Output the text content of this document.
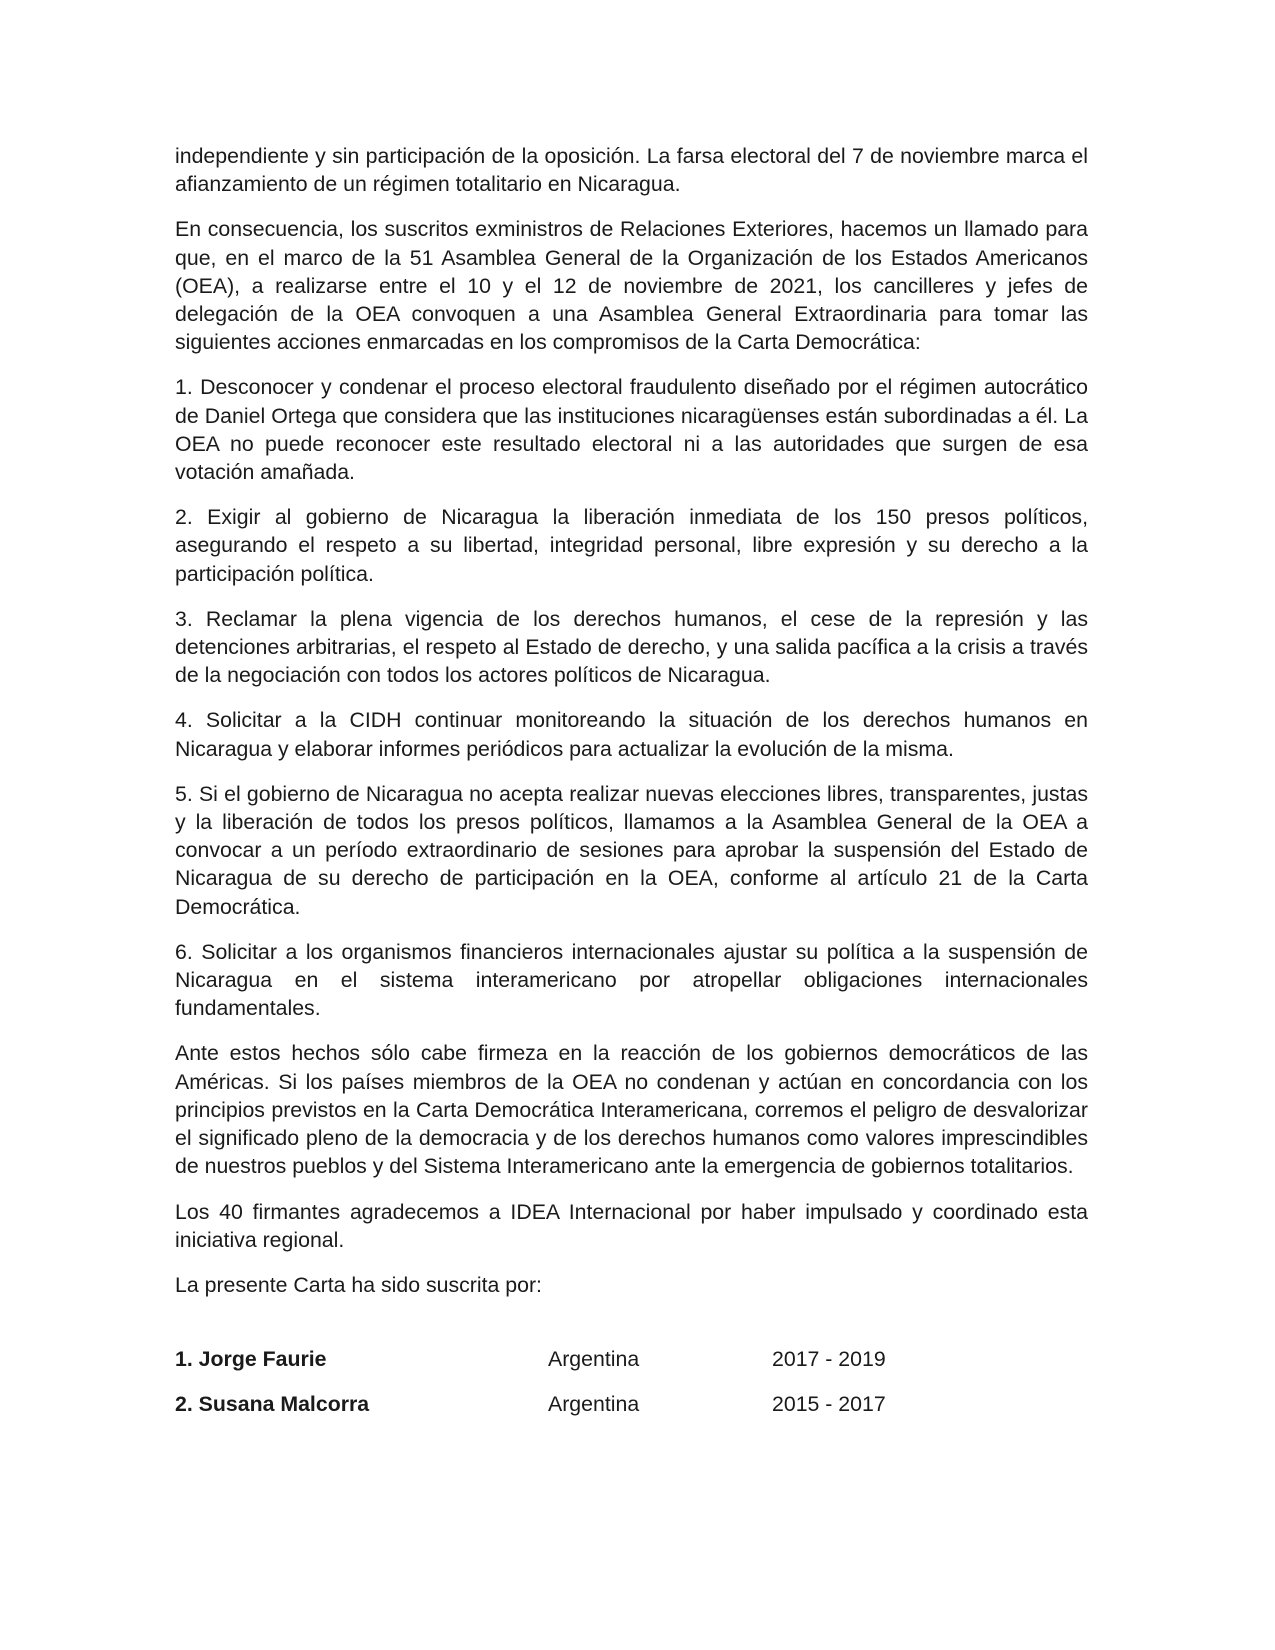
independiente y sin participación de la oposición. La farsa electoral del 7 de noviembre marca el afianzamiento de un régimen totalitario en Nicaragua.

En consecuencia, los suscritos exministros de Relaciones Exteriores, hacemos un llamado para que, en el marco de la 51 Asamblea General de la Organización de los Estados Americanos (OEA), a realizarse entre el 10 y el 12 de noviembre de 2021, los cancilleres y jefes de delegación de la OEA convoquen a una Asamblea General Extraordinaria para tomar las siguientes acciones enmarcadas en los compromisos de la Carta Democrática:

1. Desconocer y condenar el proceso electoral fraudulento diseñado por el régimen autocrático de Daniel Ortega que considera que las instituciones nicaragüenses están subordinadas a él. La OEA no puede reconocer este resultado electoral ni a las autoridades que surgen de esa votación amañada.

2. Exigir al gobierno de Nicaragua la liberación inmediata de los 150 presos políticos, asegurando el respeto a su libertad, integridad personal, libre expresión y su derecho a la participación política.

3. Reclamar la plena vigencia de los derechos humanos, el cese de la represión y las detenciones arbitrarias, el respeto al Estado de derecho, y una salida pacífica a la crisis a través de la negociación con todos los actores políticos de Nicaragua.

4. Solicitar a la CIDH continuar monitoreando la situación de los derechos humanos en Nicaragua y elaborar informes periódicos para actualizar la evolución de la misma.

5. Si el gobierno de Nicaragua no acepta realizar nuevas elecciones libres, transparentes, justas y la liberación de todos los presos políticos, llamamos a la Asamblea General de la OEA a convocar a un período extraordinario de sesiones para aprobar la suspensión del Estado de Nicaragua de su derecho de participación en la OEA, conforme al artículo 21 de la Carta Democrática.

6. Solicitar a los organismos financieros internacionales ajustar su política a la suspensión de Nicaragua en el sistema interamericano por atropellar obligaciones internacionales fundamentales.

Ante estos hechos sólo cabe firmeza en la reacción de los gobiernos democráticos de las Américas. Si los países miembros de la OEA no condenan y actúan en concordancia con los principios previstos en la Carta Democrática Interamericana, corremos el peligro de desvalorizar el significado pleno de la democracia y de los derechos humanos como valores imprescindibles de nuestros pueblos y del Sistema Interamericano ante la emergencia de gobiernos totalitarios.

Los 40 firmantes agradecemos a IDEA Internacional por haber impulsado y coordinado esta iniciativa regional.

La presente Carta ha sido suscrita por:

1. Jorge Faurie	Argentina	2017 - 2019
2. Susana Malcorra	Argentina	2015 - 2017
